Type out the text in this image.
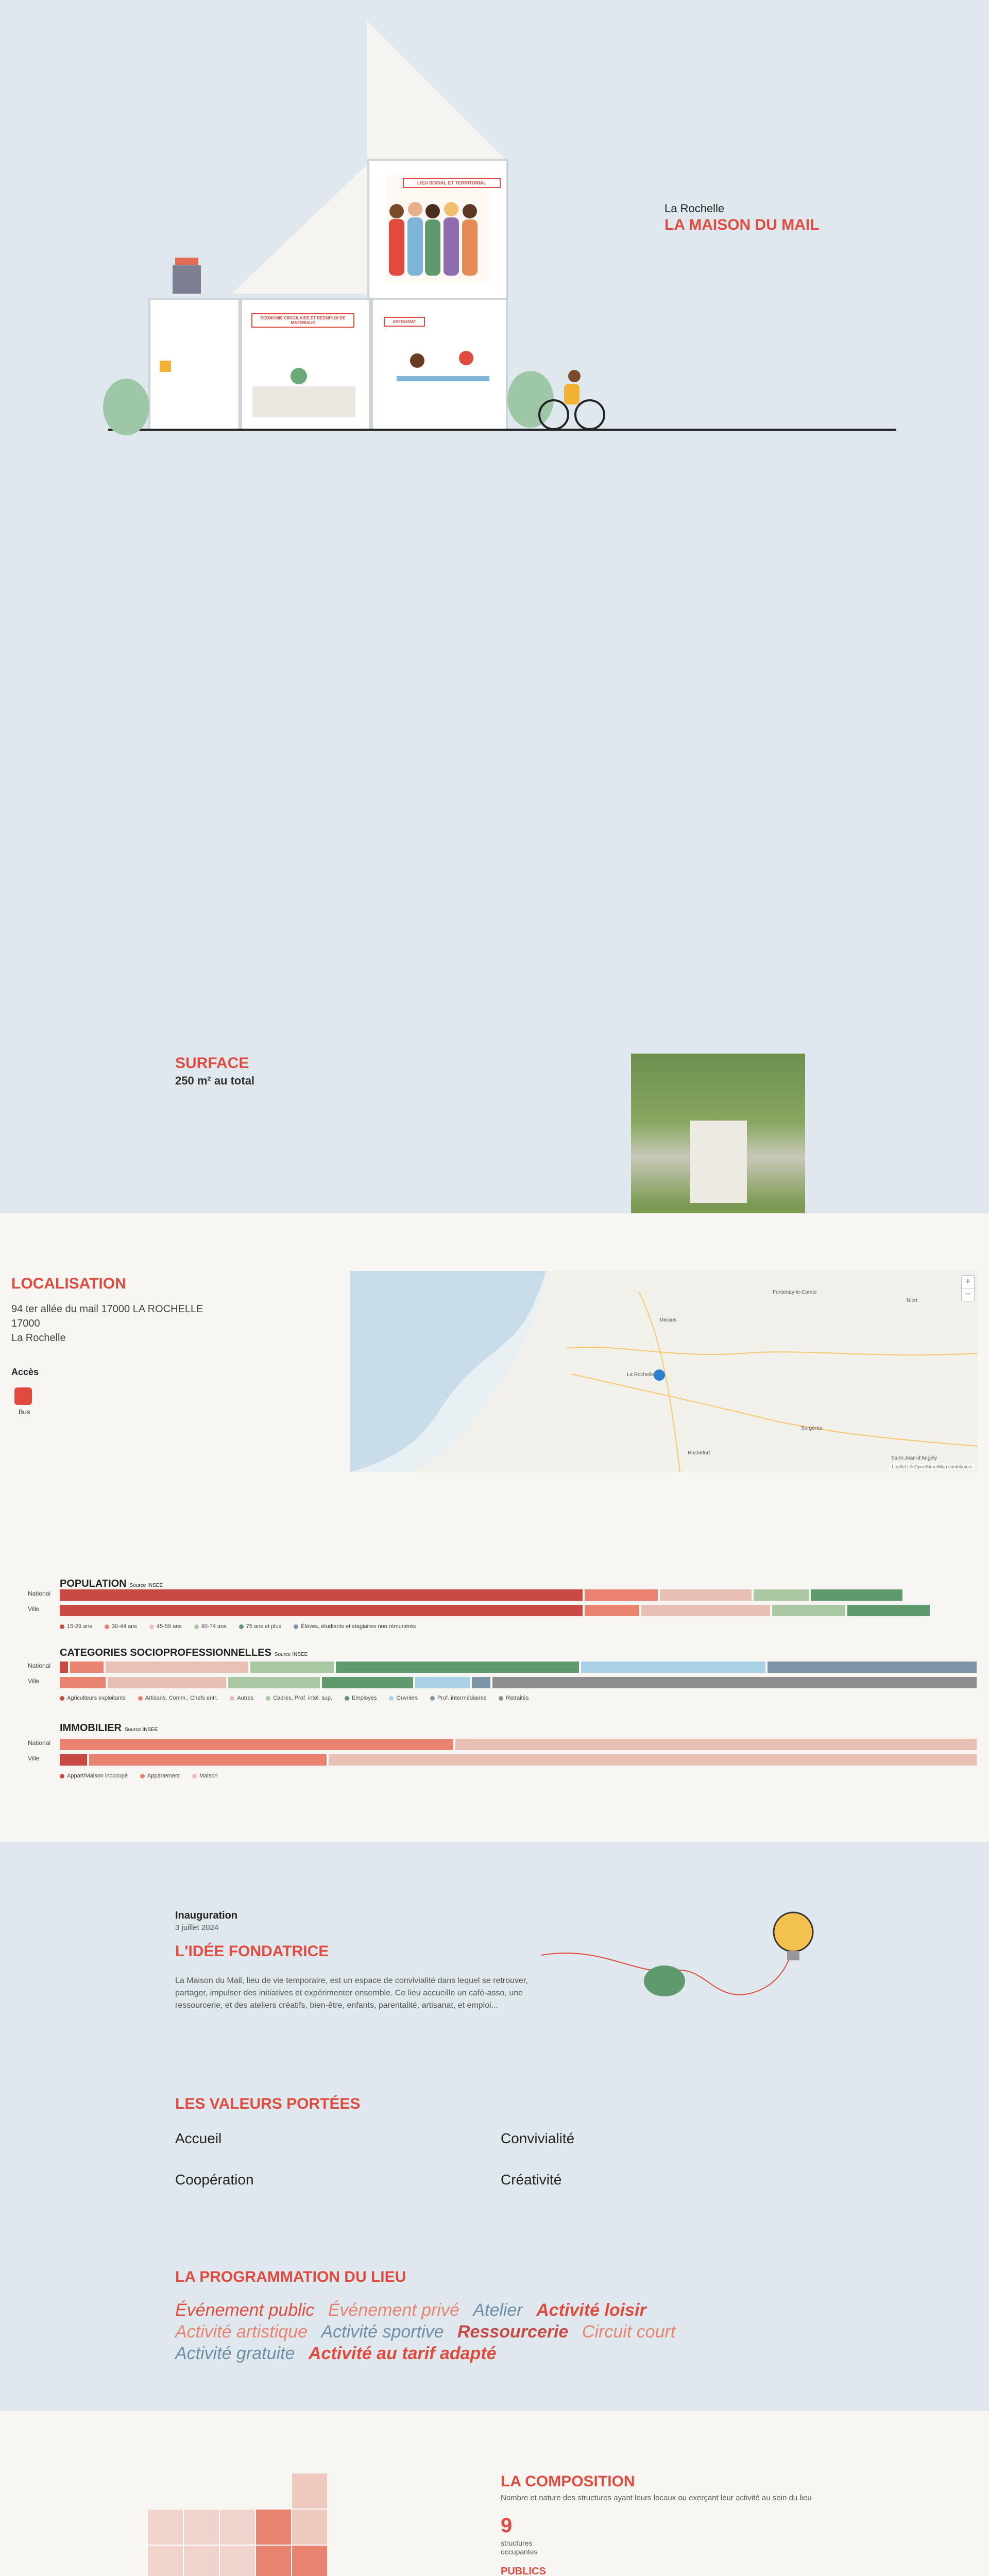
LIEU SOCIAL ET TERRITORIAL
ÉCONOMIE CIRCULAIRE ET RÉEMPLOI DE MATÉRIAUX	ARTISANAT
La Rochelle
LA MAISON DU MAIL
SURFACE
250 m² au total
LOCALISATION
94 ter allée du mail 17000 LA ROCHELLE
17000
La Rochelle
Accès
Bus
La Rochelle
Rochefort
Surgères
Saint-Jean-d'Angély
Niort
Marans
Fontenay-le-Comte
+
−
Leaflet | © OpenStreetMap contributors
POPULATION Source INSEE
National
Ville
15-29 ans	30-44 ans	45-59 ans	60-74 ans	75 ans et plus	Élèves, étudiants et stagiaires non rémunérés
CATEGORIES SOCIOPROFESSIONNELLES Source INSEE
National
Ville
Agriculteurs exploitants	Artisans, Comm., Chefs entr.	Autres	Cadres, Prof. intel. sup.	Employés	Ouvriers	Prof. intermédiaires	Retraités
IMMOBILIER Source INSEE
National
Ville
Appart/Maison inoccupé	Appartement	Maison
Inauguration
3 juillet 2024
L'IDÉE FONDATRICE
La Maison du Mail, lieu de vie temporaire, est un espace de convivialité dans lequel se retrouver, partager, impulser des initiatives et expérimenter ensemble. Ce lieu accueille un café-asso, une ressourcerie, et des ateliers créatifs, bien-être, enfants, parentalité, artisanat, et emploi...
LES VALEURS PORTÉES
Accueil	Convivialité
Coopération	Créativité
LA PROGRAMMATION DU LIEU
Événement public Événement privé Atelier Activité loisir
Activité artistique Activité sportive Ressourcerie Circuit court
Activité gratuite Activité au tarif adapté
LA COMPOSITION
Nombre et nature des structures ayant leurs locaux ou exerçant leur activité au sein du lieu
9
structures
occupantes
PUBLICS
